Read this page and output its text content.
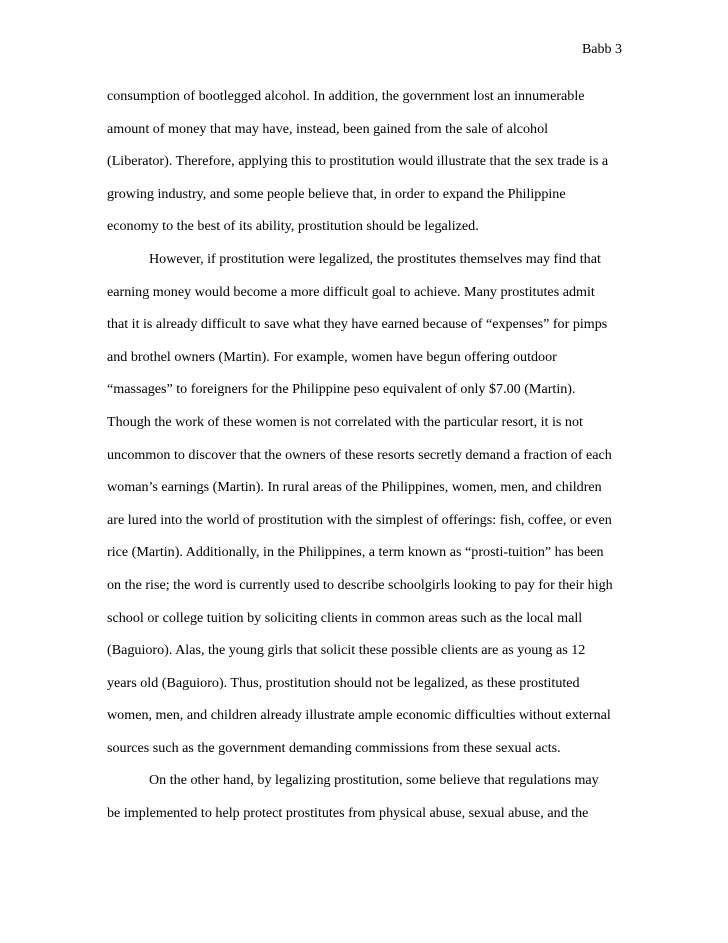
Babb 3
consumption of bootlegged alcohol. In addition, the government lost an innumerable
amount of money that may have, instead, been gained from the sale of alcohol
(Liberator). Therefore, applying this to prostitution would illustrate that the sex trade is a
growing industry, and some people believe that, in order to expand the Philippine
economy to the best of its ability, prostitution should be legalized.
However, if prostitution were legalized, the prostitutes themselves may find that
earning money would become a more difficult goal to achieve. Many prostitutes admit
that it is already difficult to save what they have earned because of “expenses” for pimps
and brothel owners (Martin). For example, women have begun offering outdoor
“massages” to foreigners for the Philippine peso equivalent of only $7.00 (Martin).
Though the work of these women is not correlated with the particular resort, it is not
uncommon to discover that the owners of these resorts secretly demand a fraction of each
woman’s earnings (Martin). In rural areas of the Philippines, women, men, and children
are lured into the world of prostitution with the simplest of offerings: fish, coffee, or even
rice (Martin). Additionally, in the Philippines, a term known as “prosti-tuition” has been
on the rise; the word is currently used to describe schoolgirls looking to pay for their high
school or college tuition by soliciting clients in common areas such as the local mall
(Baguioro). Alas, the young girls that solicit these possible clients are as young as 12
years old (Baguioro). Thus, prostitution should not be legalized, as these prostituted
women, men, and children already illustrate ample economic difficulties without external
sources such as the government demanding commissions from these sexual acts.
On the other hand, by legalizing prostitution, some believe that regulations may
be implemented to help protect prostitutes from physical abuse, sexual abuse, and the
